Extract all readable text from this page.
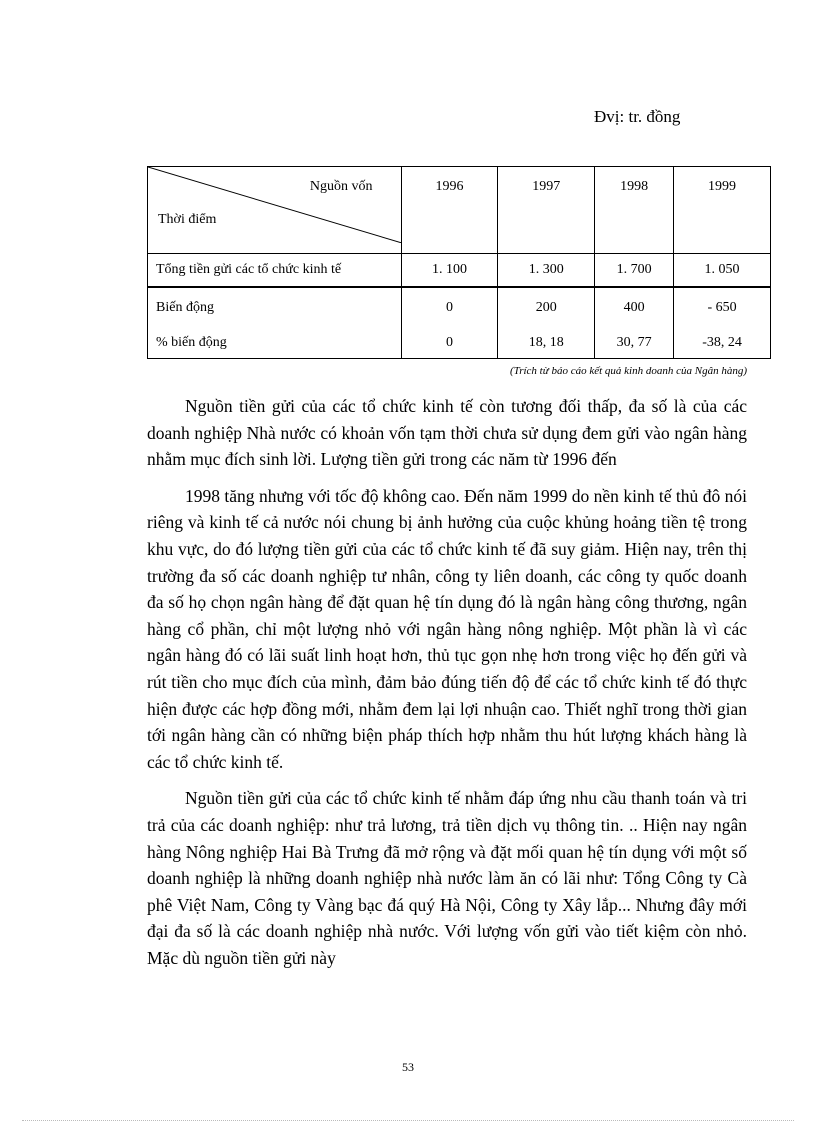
Đvị: tr. đồng
Nguồn vốn
Thời điểm	1996	1997	1998	1999
Tổng tiền gửi các tổ chức kinh tế	1. 100	1. 300	1. 700	1. 050
Biến động	0	200	400	- 650
% biến động	0	18, 18	30, 77	-38, 24
(Trích từ báo cáo kết quả kinh doanh của Ngân hàng)

Nguồn tiền gửi của các tổ chức kinh tế còn tương đối thấp, đa số là của các doanh nghiệp Nhà nước có khoản vốn tạm thời chưa sử dụng đem gửi vào ngân hàng nhằm mục đích sinh lời. Lượng tiền gửi trong các năm từ 1996 đến

1998 tăng nhưng với tốc độ không cao. Đến năm 1999 do nền kinh tế thủ đô nói riêng và kinh tế cả nước nói chung bị ảnh hưởng của cuộc khủng hoảng tiền tệ trong khu vực, do đó lượng tiền gửi của các tổ chức kinh tế đã suy giảm. Hiện nay, trên thị trường đa số các doanh nghiệp tư nhân, công ty liên doanh, các công ty quốc doanh đa số họ chọn ngân hàng để đặt quan hệ tín dụng đó là ngân hàng công thương, ngân hàng cổ phần, chỉ một lượng nhỏ với ngân hàng nông nghiệp. Một phần là vì các ngân hàng đó có lãi suất linh hoạt hơn, thủ tục gọn nhẹ hơn trong việc họ đến gửi và rút tiền cho mục đích của mình, đảm bảo đúng tiến độ để các tổ chức kinh tế đó thực hiện được các hợp đồng mới, nhằm đem lại lợi nhuận cao. Thiết nghĩ trong thời gian tới ngân hàng cần có những biện pháp thích hợp nhằm thu hút lượng khách hàng là các tổ chức kinh tế.

Nguồn tiền gửi của các tổ chức kinh tế nhằm đáp ứng nhu cầu thanh toán và tri trả của các doanh nghiệp: như trả lương, trả tiền dịch vụ thông tin. .. Hiện nay ngân hàng Nông nghiệp Hai Bà Trưng đã mở rộng và đặt mối quan hệ tín dụng với một số doanh nghiệp là những doanh nghiệp nhà nước làm ăn có lãi như: Tổng Công ty Cà phê Việt Nam, Công ty Vàng bạc đá quý Hà Nội, Công ty Xây lắp... Nhưng đây mới đại đa số là các doanh nghiệp nhà nước. Với lượng vốn gửi vào tiết kiệm còn nhỏ. Mặc dù nguồn tiền gửi này

53
